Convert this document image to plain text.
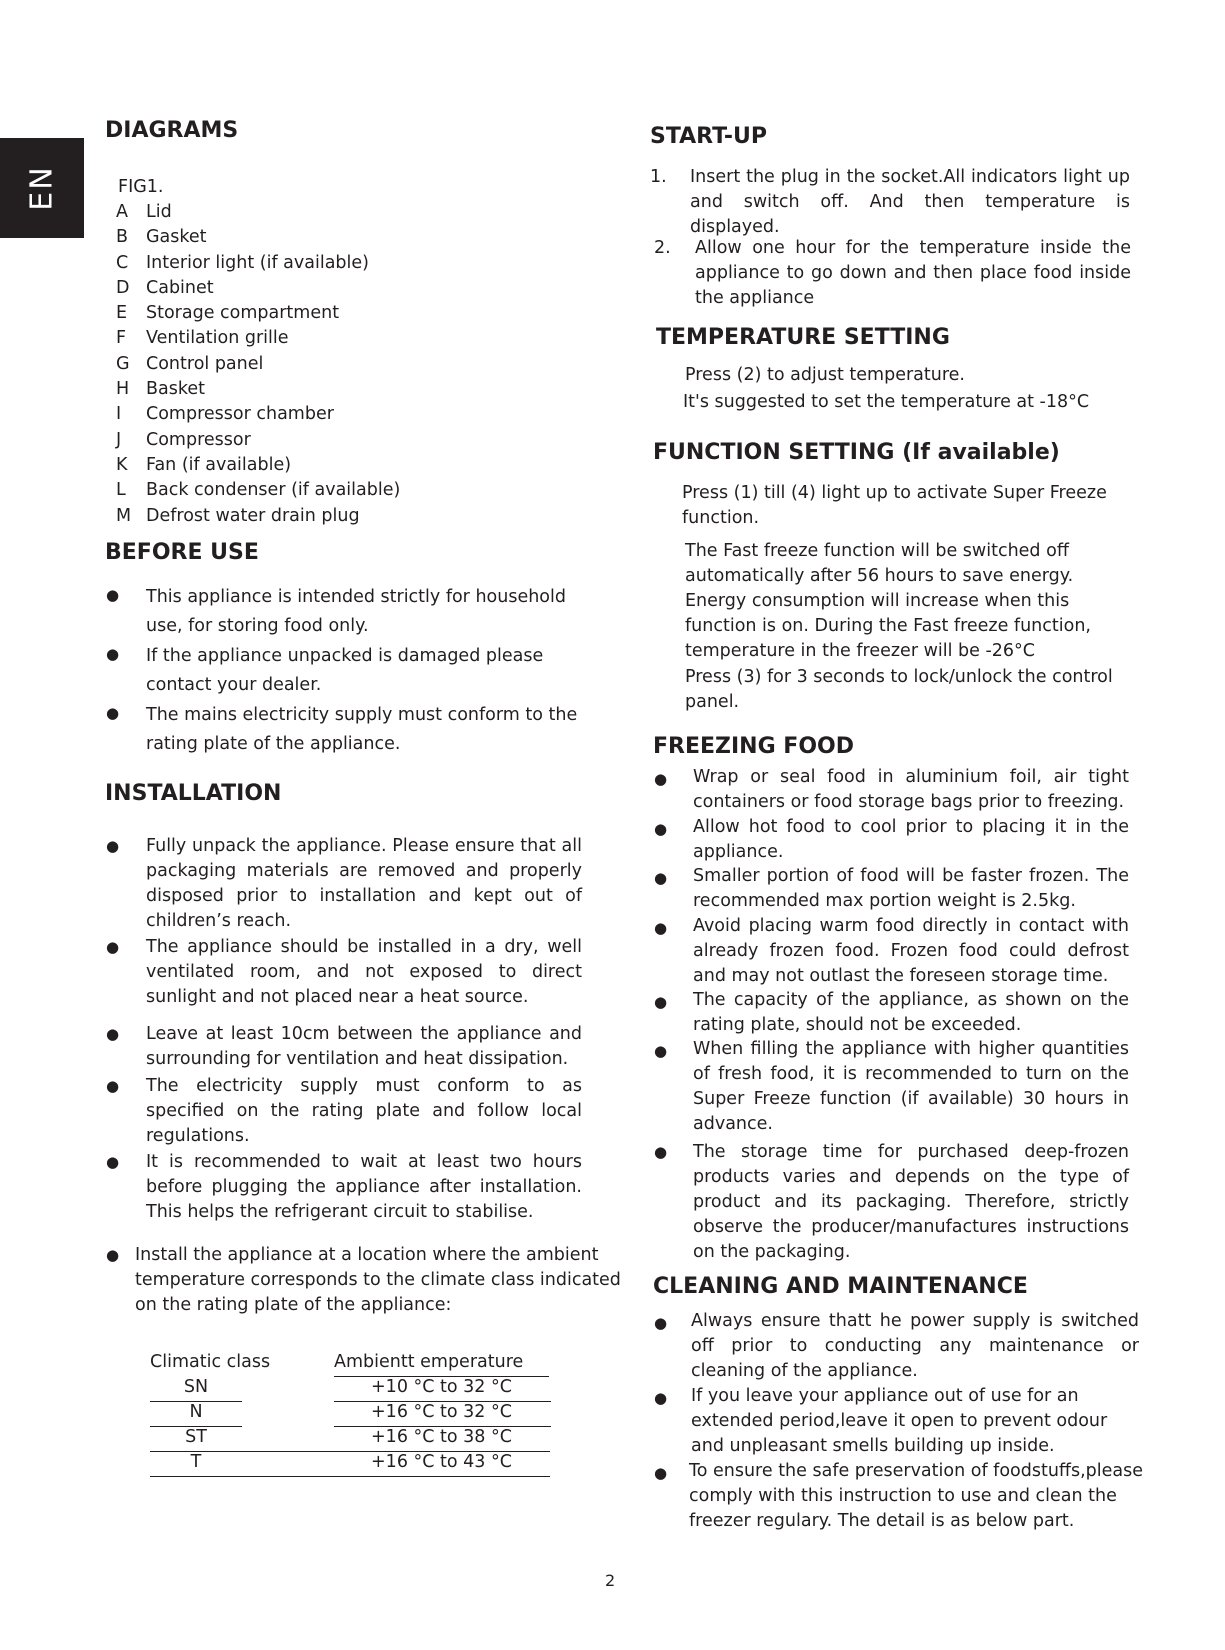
EN
DIAGRAMS
FIG1.
A Lid
B Gasket
C Interior light (if available)
D Cabinet
E Storage compartment
F Ventilation grille
G Control panel
H Basket
I Compressor chamber
J Compressor
K Fan (if available)
L Back condenser (if available)
M Defrost water drain plug
BEFORE USE
● This appliance is intended strictly for household use, for storing food only.
● If the appliance unpacked is damaged please contact your dealer.
● The mains electricity supply must conform to the rating plate of the appliance.
INSTALLATION
● Fully unpack the appliance. Please ensure that all packaging materials are removed and properly disposed prior to installation and kept out of children’s reach.
● The appliance should be installed in a dry, well ventilated room, and not exposed to direct sunlight and not placed near a heat source.
● Leave at least 10cm between the appliance and surrounding for ventilation and heat dissipation.
● The electricity supply must conform to as specified on the rating plate and follow local regulations.
● It is recommended to wait at least two hours before plugging the appliance after installation. This helps the refrigerant circuit to stabilise.
● Install the appliance at a location where the ambient temperature corresponds to the climate class indicated on the rating plate of the appliance:
Climatic class	Ambientt emperature
SN	+10 °C to 32 °C
N	+16 °C to 32 °C
ST	+16 °C to 38 °C
T	+16 °C to 43 °C
START-UP
1. Insert the plug in the socket.All indicators light up and switch off. And then temperature is displayed.
2. Allow one hour for the temperature inside the appliance to go down and then place food inside the appliance
TEMPERATURE SETTING
Press (2) to adjust temperature.
It's suggested to set the temperature at -18°C
FUNCTION SETTING (If available)
Press (1) till (4) light up to activate Super Freeze function.
The Fast freeze function will be switched off automatically after 56 hours to save energy. Energy consumption will increase when this function is on. During the Fast freeze function, temperature in the freezer will be -26°C
Press (3) for 3 seconds to lock/unlock the control panel.
FREEZING FOOD
● Wrap or seal food in aluminium foil, air tight containers or food storage bags prior to freezing.
● Allow hot food to cool prior to placing it in the appliance.
● Smaller portion of food will be faster frozen. The recommended max portion weight is 2.5kg.
● Avoid placing warm food directly in contact with already frozen food. Frozen food could defrost and may not outlast the foreseen storage time.
● The capacity of the appliance, as shown on the rating plate, should not be exceeded.
● When filling the appliance with higher quantities of fresh food, it is recommended to turn on the Super Freeze function (if available) 30 hours in advance.
● The storage time for purchased deep-frozen products varies and depends on the type of product and its packaging. Therefore, strictly observe the producer/manufactures instructions on the packaging.
CLEANING AND MAINTENANCE
● Always ensure thatt he power supply is switched off prior to conducting any maintenance or cleaning of the appliance.
● If you leave your appliance out of use for an extended period,leave it open to prevent odour and unpleasant smells building up inside.
● To ensure the safe preservation of foodstuffs,please comply with this instruction to use and clean the freezer regulary. The detail is as below part.
2
